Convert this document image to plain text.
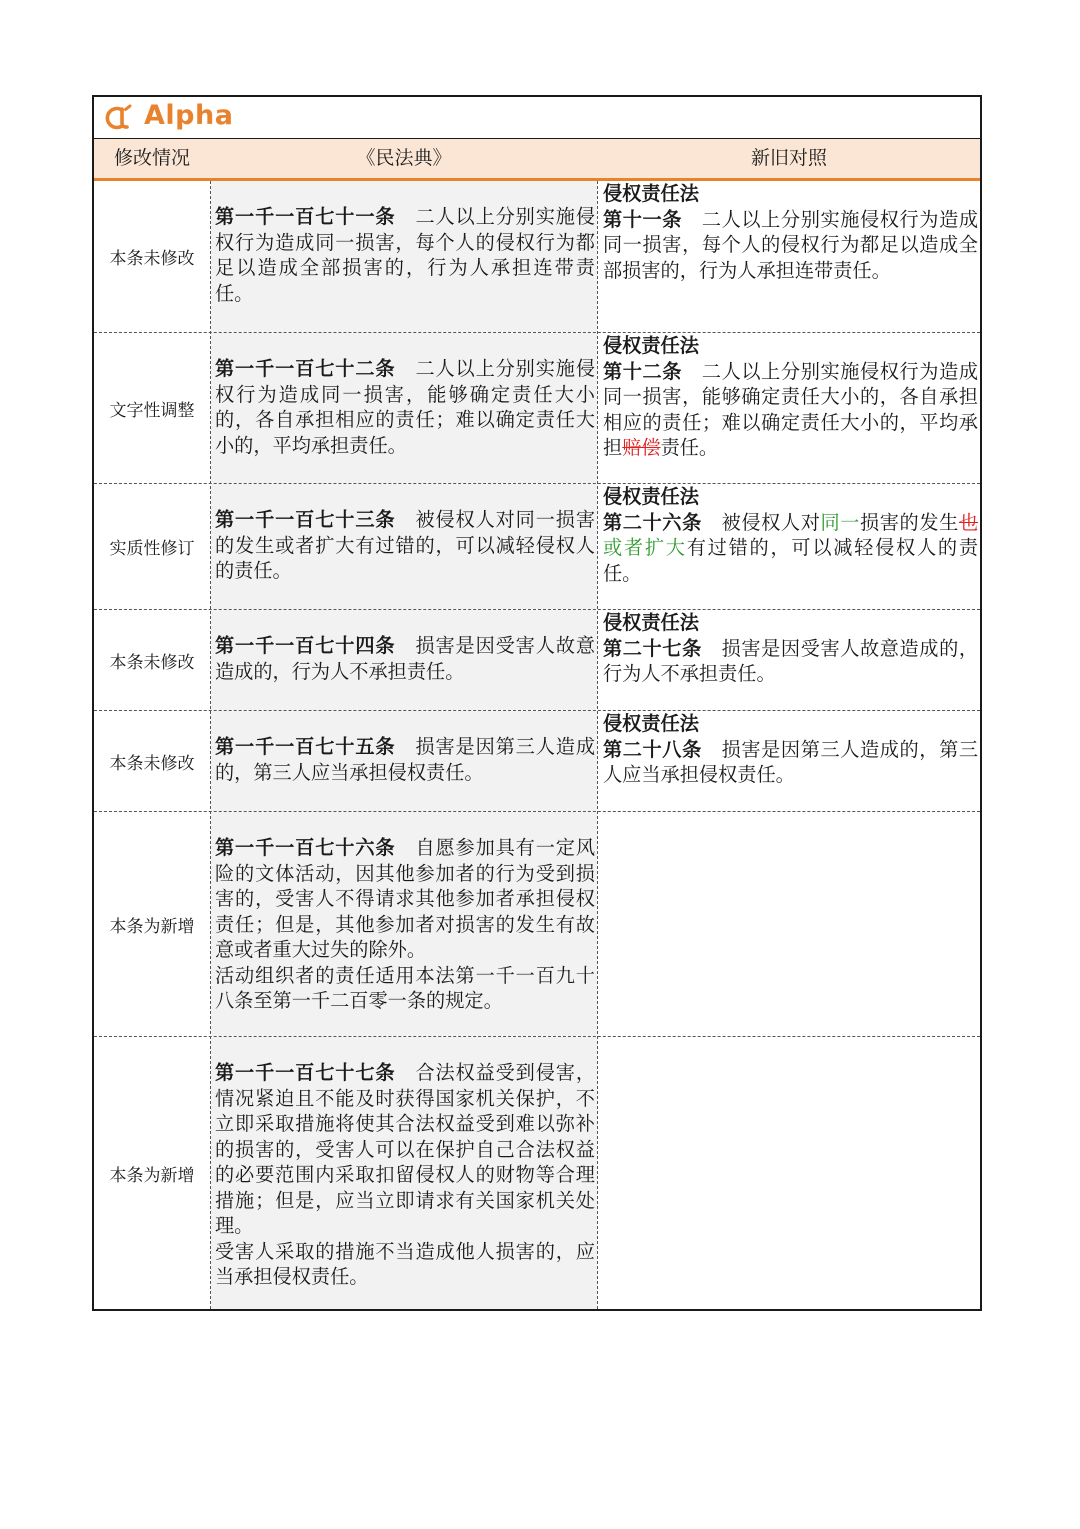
Alpha
修改情况	《民法典》	新旧对照
本条未修改
第一千一百七十一条　 二人以上分别实施侵权行为造成同一损害，每个人的侵权行为都足以造成全部损害的，行为人承担连带责任。
侵权责任法
第十一条　 二人以上分别实施侵权行为造成同一损害，每个人的侵权行为都足以造成全部损害的，行为人承担连带责任。
文字性调整
第一千一百七十二条　 二人以上分别实施侵权行为造成同一损害，能够确定责任大小的，各自承担相应的责任；难以确定责任大小的，平均承担责任。
侵权责任法
第十二条　 二人以上分别实施侵权行为造成同一损害，能够确定责任大小的，各自承担相应的责任；难以确定责任大小的，平均承担赔偿责任。
实质性修订
第一千一百七十三条　 被侵权人对同一损害的发生或者扩大有过错的，可以减轻侵权人的责任。
侵权责任法
第二十六条　 被侵权人对同一损害的发生也或者扩大有过错的，可以减轻侵权人的责任。
本条未修改
第一千一百七十四条　 损害是因受害人故意造成的，行为人不承担责任。
侵权责任法
第二十七条　 损害是因受害人故意造成的，行为人不承担责任。
本条未修改
第一千一百七十五条　 损害是因第三人造成的，第三人应当承担侵权责任。
侵权责任法
第二十八条　 损害是因第三人造成的，第三人应当承担侵权责任。
本条为新增
第一千一百七十六条　 自愿参加具有一定风险的文体活动，因其他参加者的行为受到损害的，受害人不得请求其他参加者承担侵权责任；但是，其他参加者对损害的发生有故意或者重大过失的除外。
活动组织者的责任适用本法第一千一百九十八条至第一千二百零一条的规定。
本条为新增
第一千一百七十七条　 合法权益受到侵害，情况紧迫且不能及时获得国家机关保护，不立即采取措施将使其合法权益受到难以弥补的损害的，受害人可以在保护自己合法权益的必要范围内采取扣留侵权人的财物等合理措施；但是，应当立即请求有关国家机关处理。
受害人采取的措施不当造成他人损害的，应当承担侵权责任。
